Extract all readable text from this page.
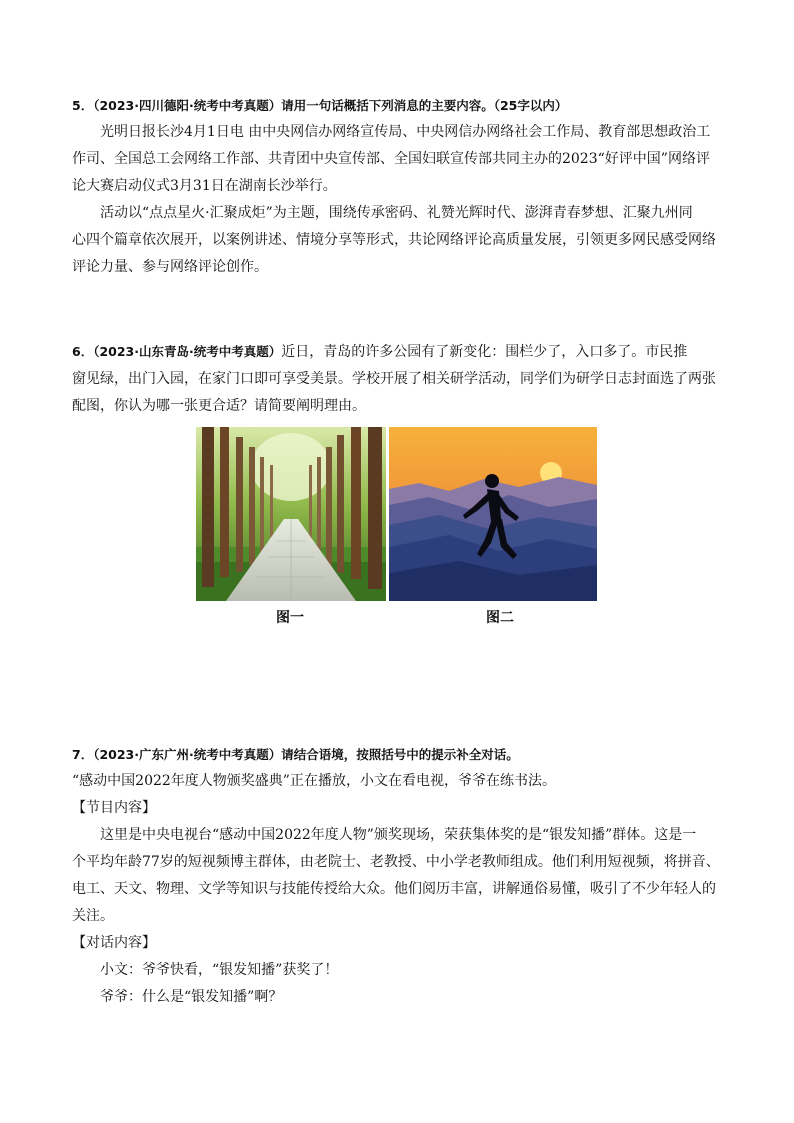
5．（2023·四川德阳·统考中考真题）请用一句话概括下列消息的主要内容。（25字以内）
光明日报长沙4月1日电 由中央网信办网络宣传局、中央网信办网络社会工作局、教育部思想政治工
作司、全国总工会网络工作部、共青团中央宣传部、全国妇联宣传部共同主办的2023“好评中国”网络评
论大赛启动仪式3月31日在湖南长沙举行。
活动以“点点星火·汇聚成炬”为主题，围绕传承密码、礼赞光辉时代、澎湃青春梦想、汇聚九州同
心四个篇章依次展开，以案例讲述、情境分享等形式，共论网络评论高质量发展，引领更多网民感受网络
评论力量、参与网络评论创作。
6．（2023·山东青岛·统考中考真题）近日，青岛的许多公园有了新变化：围栏少了，入口多了。市民推
窗见绿，出门入园，在家门口即可享受美景。学校开展了相关研学活动，同学们为研学日志封面选了两张
配图，你认为哪一张更合适？请简要阐明理由。
图一	图二
7．（2023·广东广州·统考中考真题）请结合语境，按照括号中的提示补全对话。
“感动中国2022年度人物颁奖盛典”正在播放，小文在看电视，爷爷在练书法。
【节目内容】
这里是中央电视台“感动中国2022年度人物”颁奖现场，荣获集体奖的是“银发知播”群体。这是一
个平均年龄77岁的短视频博主群体，由老院士、老教授、中小学老教师组成。他们利用短视频，将拼音、
电工、天文、物理、文学等知识与技能传授给大众。他们阅历丰富，讲解通俗易懂，吸引了不少年轻人的
关注。
【对话内容】
小文：爷爷快看，“银发知播”获奖了！
爷爷：什么是“银发知播”啊？
